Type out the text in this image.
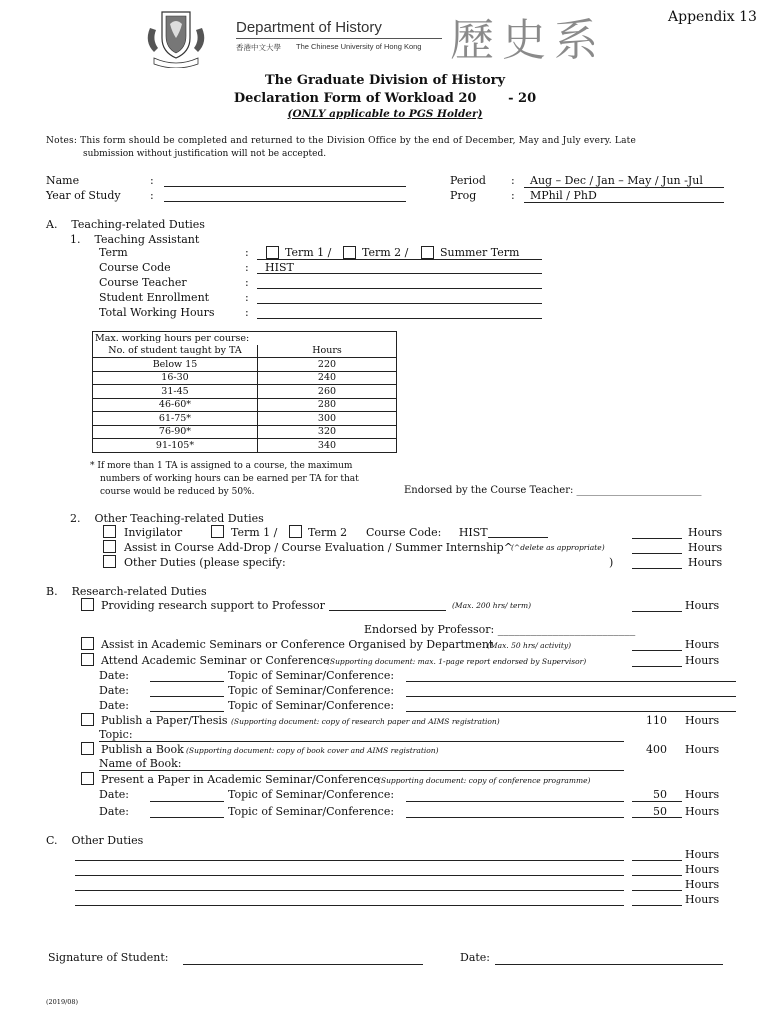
Department of History
香港中文大學 The Chinese University of Hong Kong 歷史系	Appendix 13
The Graduate Division of History
Declaration Form of Workload 20       - 20
(ONLY applicable to PGS Holder)
Notes: This form should be completed and returned to the Division Office by the end of December, May and July every. Late
submission without justification will not be accepted.
Name	:
Year of Study	:
Period : Aug – Dec / Jan – May / Jun -Jul
Prog	: MPhil / PhD
A.    Teaching-related Duties
1.    Teaching Assistant
Term	:	Term 1 /	Term 2 /	Summer Term
Course Code	: HIST
Course Teacher	:
Student Enrollment	:
Total Working Hours	:
Max. working hours per course:	
No. of student taught by TA	Hours
Below 15	220
16-30	240
31-45	260
46-60*	280
61-75*	300
76-90*	320
91-105*	340
* If more than 1 TA is assigned to a course, the maximum
numbers of working hours can be earned per TA for that
course would be reduced by 50%.	Endorsed by the Course Teacher: _________________________
2.    Other Teaching-related Duties
Invigilator	Term 1 /	Term 2 Course Code:     HIST	Hours
Assist in Course Add-Drop / Course Evaluation / Summer Internship^
(^delete as appropriate)	Hours
Other Duties (please specify:	)	Hours
B.    Research-related Duties
Providing research support to Professor	(Max. 200 hrs/ term)	Hours
Endorsed by Professor: _________________________
Assist in Academic Seminars or Conference Organised by Department
(Max. 50 hrs/ activity)	Hours
Attend Academic Seminar or Conference
(Supporting document: max. 1-page report endorsed by Supervisor)	Hours
Date:	Topic of Seminar/Conference:
Date:	Topic of Seminar/Conference:
Date:	Topic of Seminar/Conference:
Publish a Paper/Thesis (Supporting document: copy of research paper and AIMS registration)	110 Hours
Topic:
Publish a Book (Supporting document: copy of book cover and AIMS registration)	400 Hours
Name of Book:
Present a Paper in Academic Seminar/Conference
(Supporting document: copy of conference programme)
Date:	Topic of Seminar/Conference:	50 Hours
Date:	Topic of Seminar/Conference:	50 Hours
C.    Other Duties
Hours
Hours
Hours
Hours
Signature of Student:	Date:
(2019/08)
